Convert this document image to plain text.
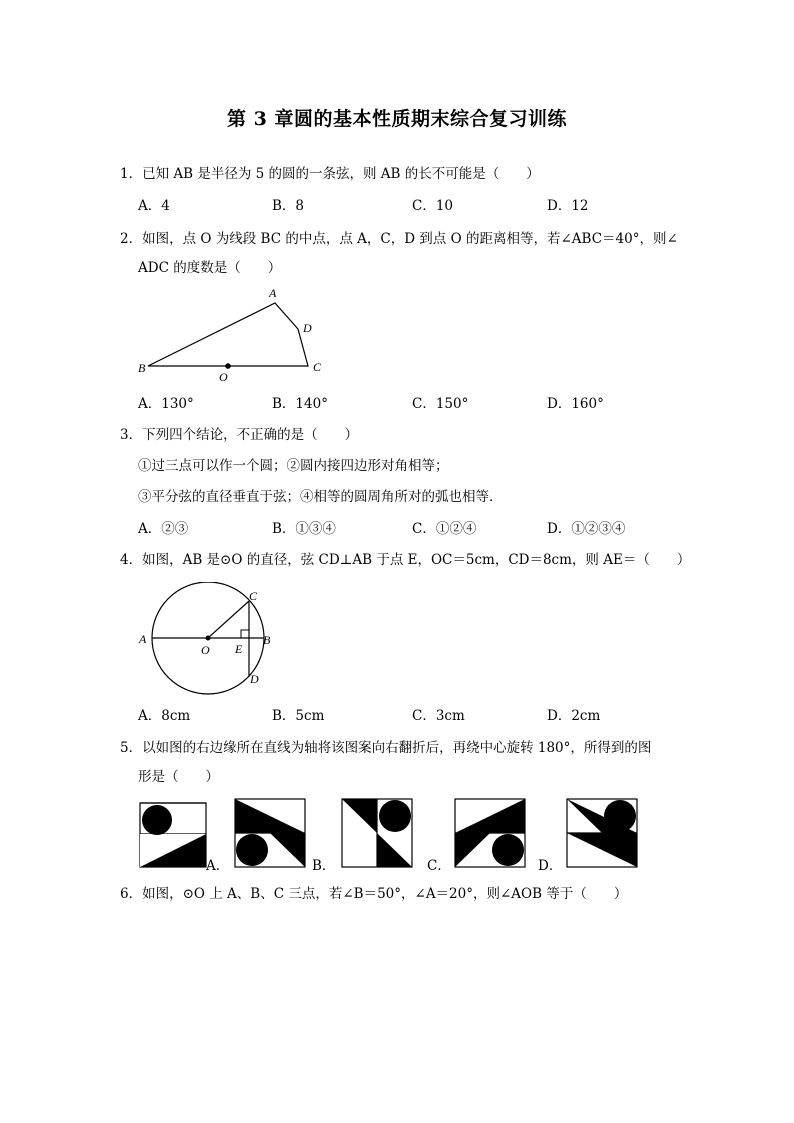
第 3 章圆的基本性质期末综合复习训练
1．已知 AB 是半径为 5 的圆的一条弦，则 AB 的长不可能是（　　）
A．4	B．8	C．10	D．12
2．如图，点 O 为线段 BC 的中点，点 A，C，D 到点 O 的距离相等，若∠ABC＝40°，则∠
ADC 的度数是（　　）
A
B	C
D
O
A．130°	B．140°	C．150°	D．160°
3．下列四个结论，不正确的是（　　）
①过三点可以作一个圆；②圆内接四边形对角相等；
③平分弦的直径垂直于弦；④相等的圆周角所对的弧也相等．
A．②③	B．①③④	C．①②④	D．①②③④
4．如图，AB 是⊙O 的直径，弦 CD⊥AB 于点 E，OC＝5cm，CD＝8cm，则 AE＝（　　）
A	B
C
D
E
O
A．8cm	B．5cm	C．3cm	D．2cm
5．以如图的右边缘所在直线为轴将该图案向右翻折后，再绕中心旋转 180°，所得到的图
形是（　　）
A．	B．	C．	D．
6．如图，⊙O 上 A、B、C 三点，若∠B＝50°，∠A＝20°，则∠AOB 等于（　　）
